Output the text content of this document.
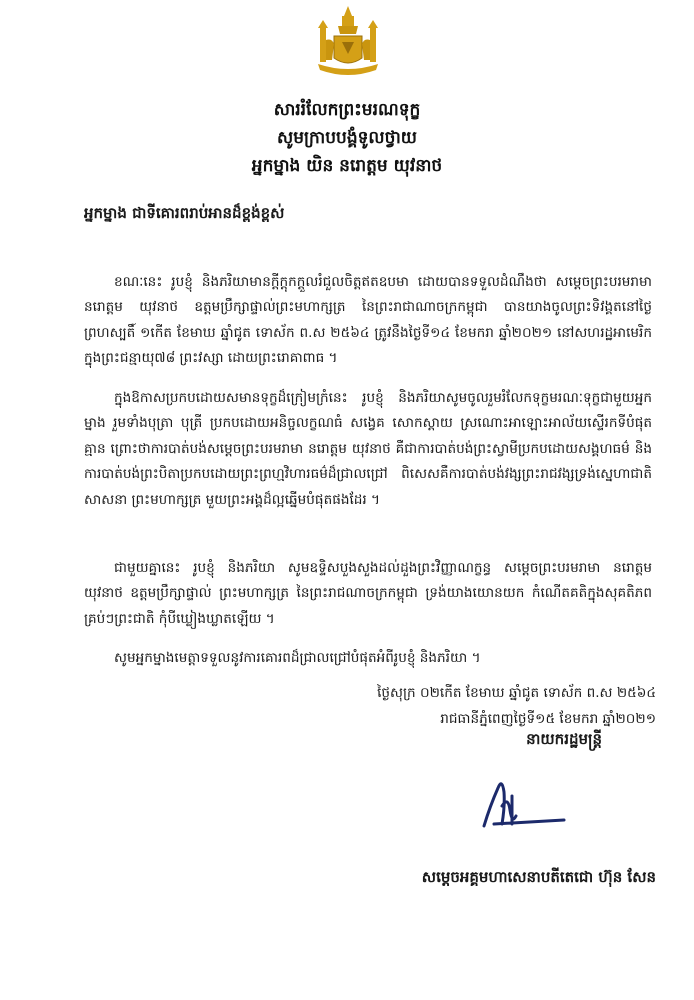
សាររំលែកព្រះមរណទុក្ខ
សូមក្រាបបង្គំទូលថ្វាយ
អ្នកម្នាង យិន នរោត្តម យុវនាថ
អ្នកម្នាង ជាទីគោរពរាប់អានដ៏ខ្ពង់ខ្ពស់

ខណៈនេះ រូបខ្ញុំ និងភរិយាមានក្ដីក្តុកក្តួលរំជួលចិត្តឥតឧបមា ដោយបានទទួលដំណឹងថា សម្តេចព្រះបរមរាមា នរោត្តម យុវនាថ ឧត្ដមប្រឹក្សាផ្ទាល់ព្រះមហាក្សត្រ នៃព្រះរាជាណាចក្រកម្ពុជា បានយាងចូលព្រះទិវង្គតនៅថ្ងៃព្រហស្បតិ៍ ១កើត ខែមាឃ ឆ្នាំជូត ទោស័ក ព.ស ២៥៦៤ ត្រូវនឹងថ្ងៃទី១៤ ខែមករា ឆ្នាំ២០២១ នៅសហរដ្ឋអាមេរិក ក្នុងព្រះជន្មាយុ៧៨ ព្រះវស្សា ដោយព្រះរោគាពាធ ។

ក្នុងឱកាសប្រកបដោយសមានទុក្ខដ៏ក្រៀមក្រំនេះ រូបខ្ញុំ និងភរិយាសូមចូលរួមរំលែកទុក្ខមរណៈទុក្ខជាមួយអ្នកម្នាង រួមទាំងបុត្រា បុត្រី ប្រកបដោយអនិច្ចលក្ខណធំ សង្វេគ សោកស្តាយ ស្រណោះអាឡោះអាល័យស្ទើរកទីបំផុតគ្មាន ព្រោះថាការបាត់បង់សម្តេចព្រះបរមរាមា នរោត្តម យុវនាថ គឺជាការបាត់បង់ព្រះស្វាមីប្រកបដោយសង្គហធម៌ និងការបាត់បង់ព្រះបិតាប្រកបដោយព្រះព្រហ្មវិហារធម៌ដ៏ជ្រាលជ្រៅ ពិសេសគឺការបាត់បង់វង្សព្រះរាជវង្សទ្រង់ស្នេហាជាតិ សាសនា ព្រះមហាក្សត្រ មួយព្រះអង្គដ៏ល្អឆ្នើមបំផុតផងដែរ ។

ជាមួយគ្នានេះ រូបខ្ញុំ និងភរិយា សូមឧទ្ទិសបួងសួងដល់ដួងព្រះវិញ្ញាណក្ខន្ធ សម្តេចព្រះបរមរាមា នរោត្តម យុវនាថ ឧត្តមប្រឹក្សាផ្ទាល់ ព្រះមហាក្សត្រ នៃព្រះរាជណាចក្រកម្ពុជា ទ្រង់យាងយោនយក កំណើតគតិក្នុងសុគតិភពគ្រប់ៗព្រះជាតិ កុំបីឃ្លៀងឃ្លាតឡើយ ។

សូមអ្នកម្នាងមេត្តាទទួលនូវការគោរពដ៏ជ្រាលជ្រៅបំផុតអំពីរូបខ្ញុំ និងភរិយា ។

ថ្ងៃសុក្រ ០២កើត ខែមាឃ ឆ្នាំជូត ទោស័ក ព.ស ២៥៦៤
រាជធានីភ្នំពេញថ្ងៃទី១៥ ខែមករា ឆ្នាំ២០២១
នាយករដ្ឋមន្ត្រី
សម្តេចអគ្គមហាសេនាបតីតេជោ ហ៊ុន សែន
